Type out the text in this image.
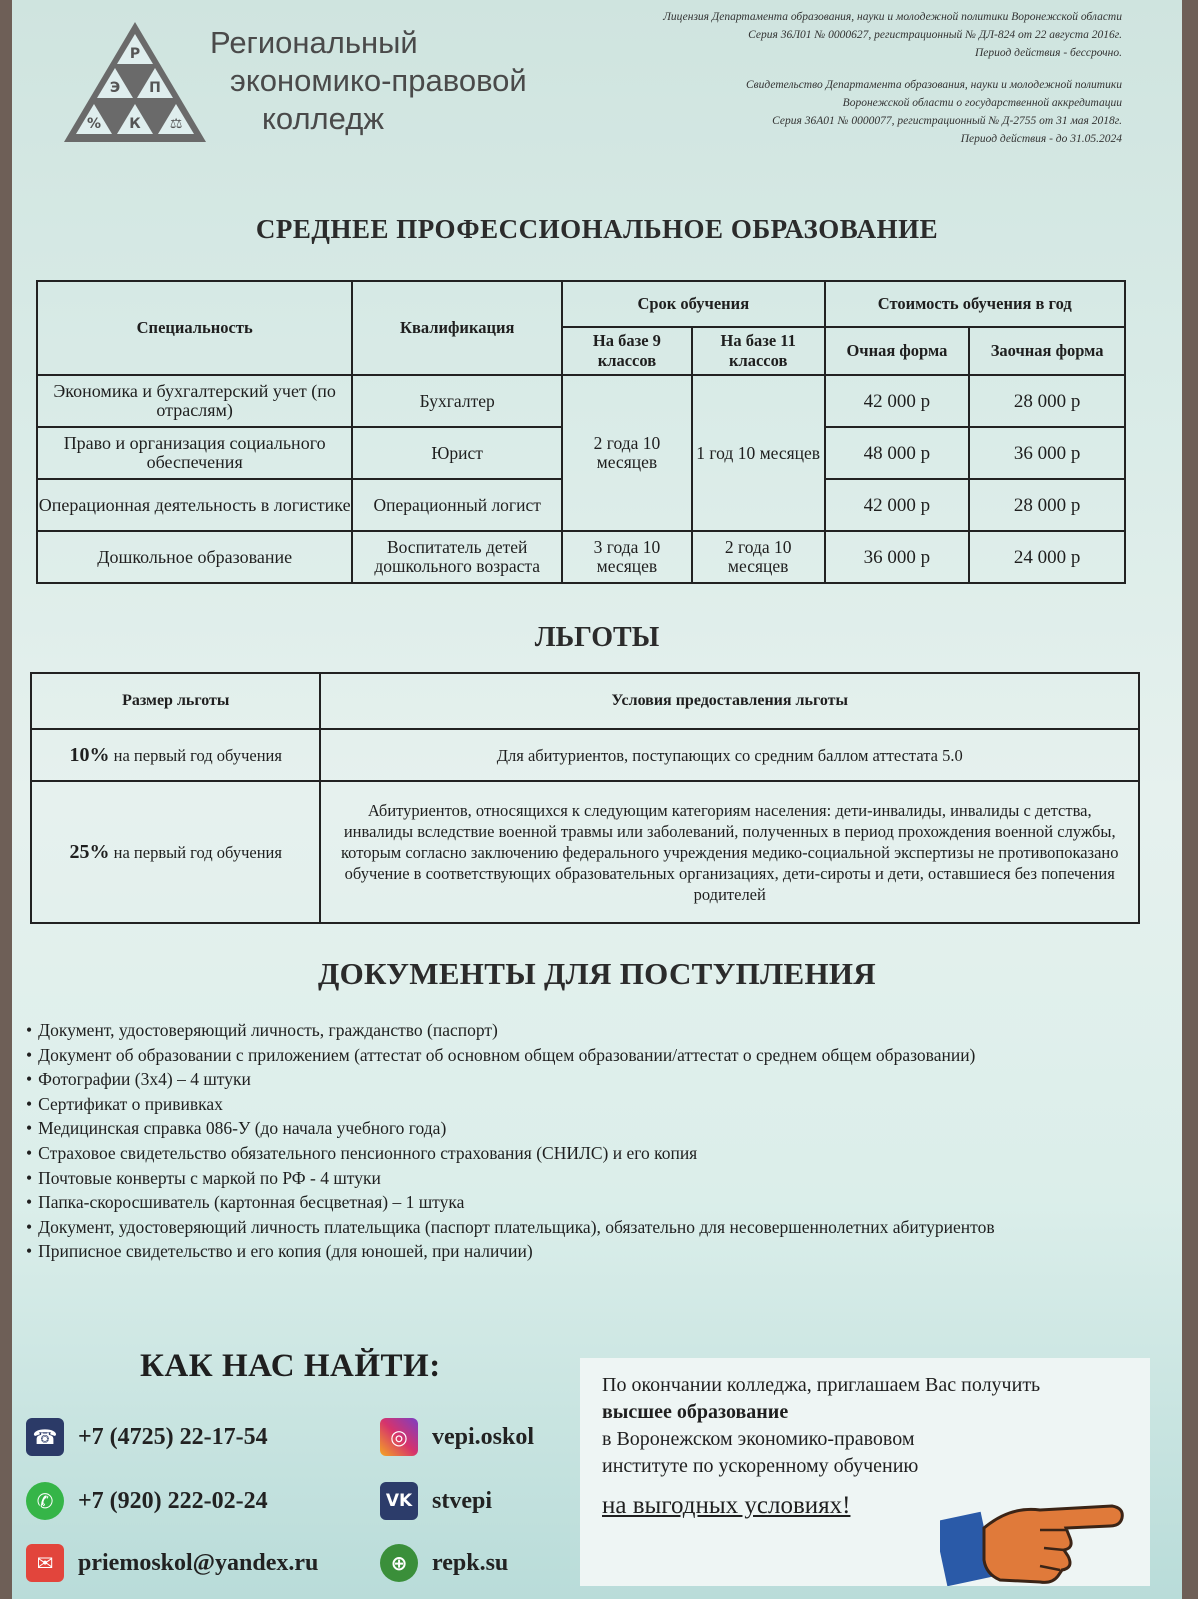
Р
Э П
% К ⚖
Региональный
экономико-правовой
колледж

Лицензия Департамента образования, науки и молодежной политики Воронежской области
Серия 36Л01 № 0000627, регистрационный № ДЛ-824 от 22 августа 2016г.
Период действия - бессрочно.

Свидетельство Департамента образования, науки и молодежной политики
Воронежской области о государственной аккредитации
Серия 36А01 № 0000077, регистрационный № Д-2755 от 31 мая 2018г.
Период действия - до 31.05.2024

СРЕДНЕЕ ПРОФЕССИОНАЛЬНОЕ ОБРАЗОВАНИЕ
Специальность	Квалификация	Срок обучения		Стоимость обучения в год	
		На базе 9 классов	На базе 11 классов	Очная форма	Заочная форма
Экономика и бухгалтерский учет (по отраслям)	Бухгалтер	2 года 10 месяцев	1 год 10 месяцев	42 000 р	28 000 р
Право и организация социального обеспечения	Юрист			48 000 р	36 000 р
Операционная деятельность в логистике	Операционный логист			42 000 р	28 000 р
Дошкольное образование	Воспитатель детей дошкольного возраста	3 года 10 месяцев	2 года 10 месяцев	36 000 р	24 000 р
ЛЬГОТЫ
Размер льготы	Условия предоставления льготы
10% на первый год обучения	Для абитуриентов, поступающих со средним баллом аттестата 5.0
25% на первый год обучения	Абитуриентов, относящихся к следующим категориям населения: дети-инвалиды, инвалиды с детства, инвалиды вследствие военной травмы или заболеваний, полученных в период прохождения военной службы, которым согласно заключению федерального учреждения медико-социальной экспертизы не противопоказано обучение в соответствующих образовательных организациях, дети-сироты и дети, оставшиеся без попечения родителей
ДОКУМЕНТЫ ДЛЯ ПОСТУПЛЕНИЯ
• Документ, удостоверяющий личность, гражданство (паспорт)
• Документ об образовании с приложением (аттестат об основном общем образовании/аттестат о среднем общем образовании)
• Фотографии (3х4) – 4 штуки
• Сертификат о прививках
• Медицинская справка 086-У (до начала учебного года)
• Страховое свидетельство обязательного пенсионного страхования (СНИЛС) и его копия
• Почтовые конверты с маркой по РФ - 4 штуки
• Папка-скоросшиватель (картонная бесцветная) – 1 штука
• Документ, удостоверяющий личность плательщика (паспорт плательщика), обязательно для несовершеннолетних абитуриентов
• Приписное свидетельство и его копия (для юношей, при наличии)
КАК НАС НАЙТИ:
☎ +7 (4725) 22-17-54
✆	+7 (920) 222-02-24
✉	priemoskol@yandex.ru
◎	vepi.oskol
VK stvepi
⊕	repk.su
По окончании колледжа, приглашаем Вас получить
высшее образование
в Воронежском экономико-правовом
институте по ускоренному обучению
на выгодных условиях!
